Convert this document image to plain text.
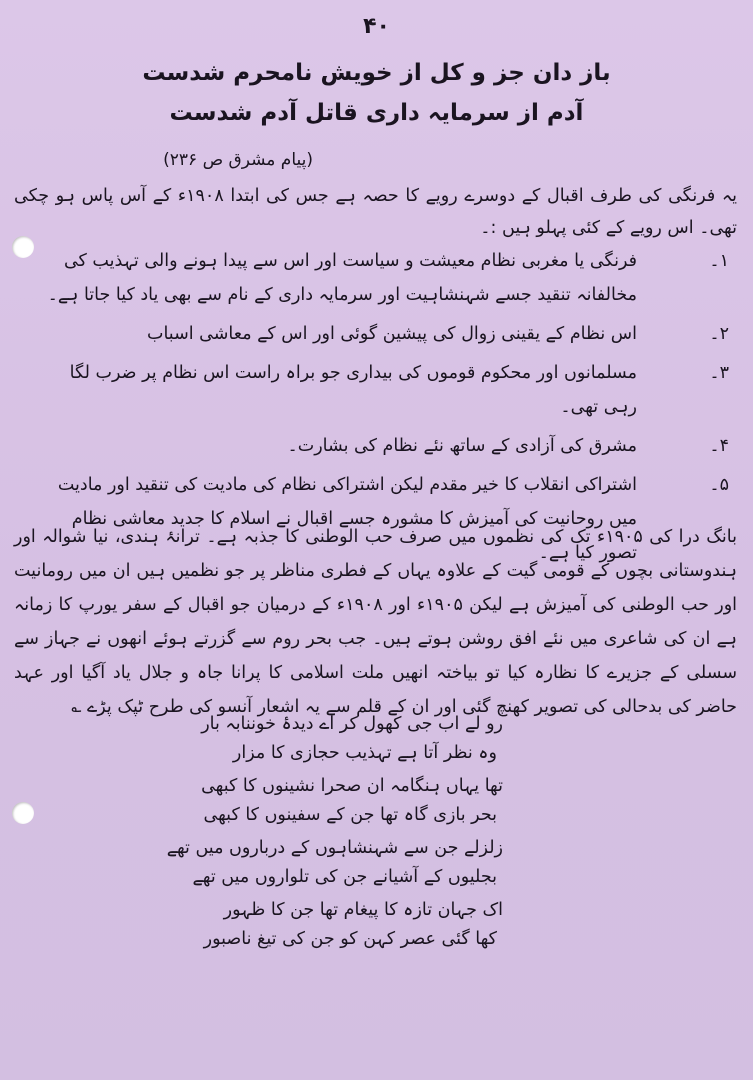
۴۰
باز دان جز و کل از خویش نامحرم شدست
آدم از سرمایہ داری قاتل آدم شدست
(پیام مشرق ص ۲۳۶)
یہ فرنگی کی طرف اقبال کے دوسرے رویے کا حصہ ہے جس کی ابتدا ۱۹۰۸ء کے آس پاس ہو چکی تھی۔ اس رویے کے کئی پہلو ہیں :۔
۱۔
فرنگی یا مغربی نظام معیشت و سیاست اور اس سے پیدا ہونے والی تہذیب کی مخالفانہ تنقید جسے شہنشاہیت اور سرمایہ داری کے نام سے بھی یاد کیا جاتا ہے۔
۲۔
اس نظام کے یقینی زوال کی پیشین گوئی اور اس کے معاشی اسباب
۳۔
مسلمانوں اور محکوم قوموں کی بیداری جو براہ راست اس نظام پر ضرب لگا رہی تھی۔
۴۔
مشرق کی آزادی کے ساتھ نئے نظام کی بشارت۔
۵۔
اشتراکی انقلاب کا خیر مقدم لیکن اشتراکی نظام کی مادیت کی تنقید اور مادیت میں روحانیت کی آمیزش کا مشورہ جسے اقبال نے اسلام کا جدید معاشی نظام تصور کیا ہے۔
بانگ درا کی ۱۹۰۵ء تک کی نظموں میں صرف حب الوطنی کا جذبہ ہے۔ ترانۂ ہندی، نیا شوالہ اور ہندوستانی بچوں کے قومی گیت کے علاوہ یہاں کے فطری مناظر پر جو نظمیں ہیں ان میں رومانیت اور حب الوطنی کی آمیزش ہے لیکن ۱۹۰۵ء اور ۱۹۰۸ء کے درمیان جو اقبال کے سفر یورپ کا زمانہ ہے ان کی شاعری میں نئے افق روشن ہوتے ہیں۔ جب بحر روم سے گزرتے ہوئے انھوں نے جہاز سے سسلی کے جزیرے کا نظارہ کیا تو بیاختہ انھیں ملت اسلامی کا پرانا جاہ و جلال یاد آگیا اور عہد حاضر کی بدحالی کی تصویر کھنچ گئی اور ان کے قلم سے یہ اشعار آنسو کی طرح ٹپک پڑے ؎
رو لے اب جی کھول کر اے دیدۂ خوننابہ بار
وہ نظر آتا ہے تہذیب حجازی کا مزار
تھا یہاں ہنگامہ ان صحرا نشینوں کا کبھی
بحر بازی گاہ تھا جن کے سفینوں کا کبھی
زلزلے جن سے شہنشاہوں کے درباروں میں تھے
بجلیوں کے آشیانے جن کی تلواروں میں تھے
اک جہان تازہ کا پیغام تھا جن کا ظہور
کھا گئی عصر کہن کو جن کی تیغ ناصبور
